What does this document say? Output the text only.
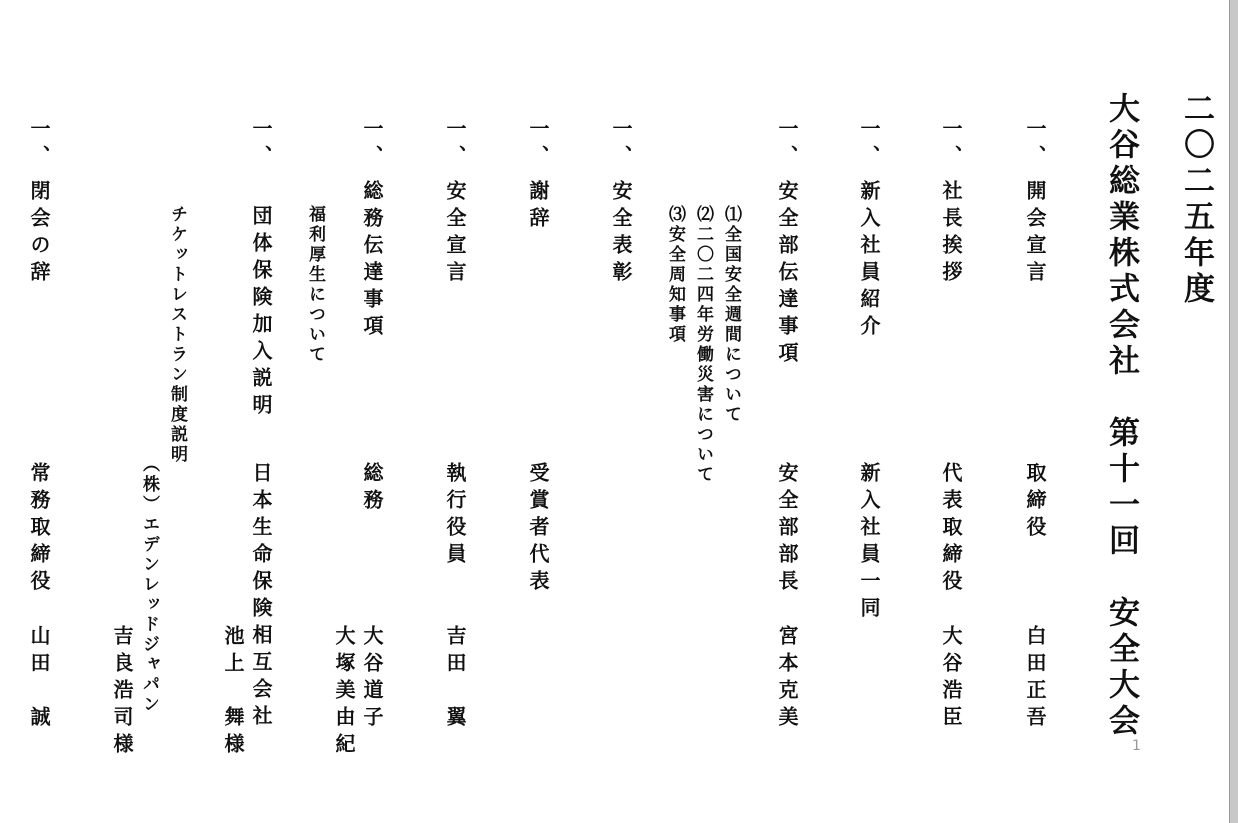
二〇二五年度
大谷総業株式会社　第十一回　安全大会
一、
開会宣言
取締役
白田正吾
一、
社長挨拶
代表取締役
大谷浩臣
一、
新入社員紹介
新入社員一同
一、
安全部伝達事項
安全部部長
宮本克美
⑴全国安全週間について
⑵二〇二四年労働災害について
⑶安全周知事項
一、
安全表彰
一、
謝辞
受賞者代表
一、
安全宣言
執行役員
吉田　翼
一、
総務伝達事項
総務
大谷道子
大塚美由紀
福利厚生について
一、
団体保険加入説明
日本生命保険相互会社
池上　舞様
チケットレストラン制度説明
（株）エデンレッドジャパン
吉良浩司様
一、
閉会の辞
常務取締役
山田　誠
1
